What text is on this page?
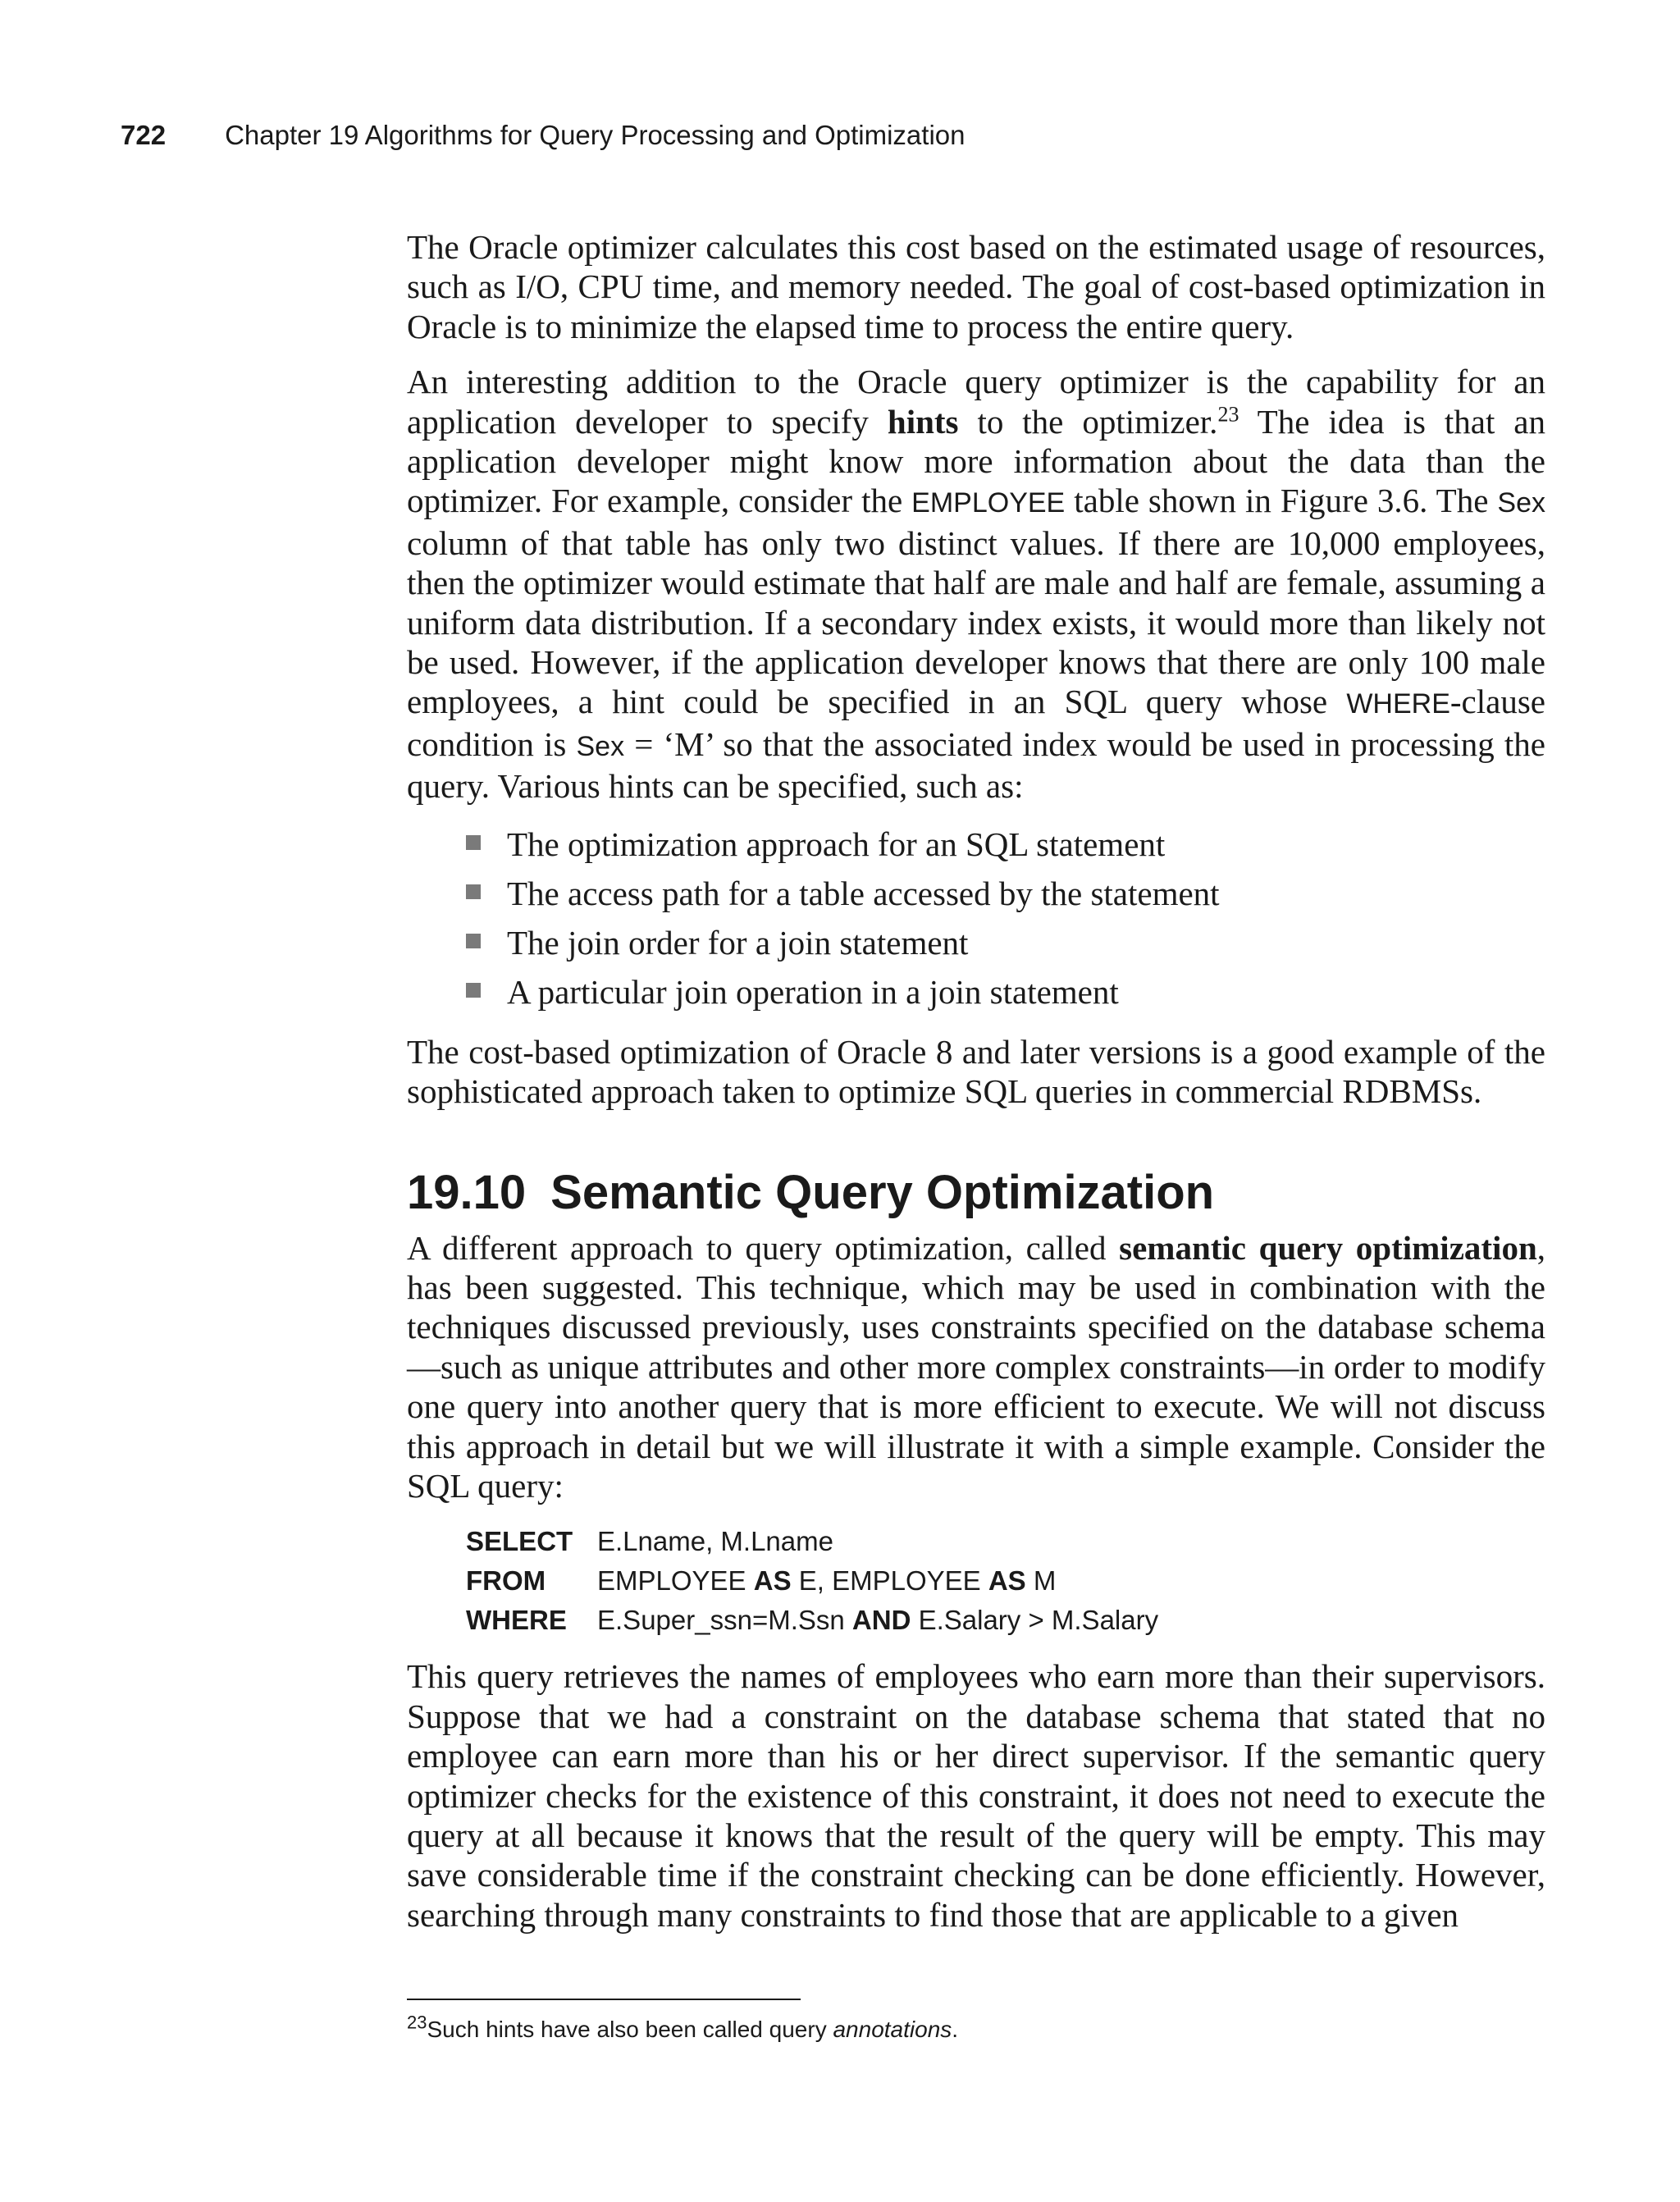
722 Chapter 19 Algorithms for Query Processing and Optimization

The Oracle optimizer calculates this cost based on the estimated usage of resources, such as I/O, CPU time, and memory needed. The goal of cost-based optimization in Oracle is to minimize the elapsed time to process the entire query.

An interesting addition to the Oracle query optimizer is the capability for an application developer to specify hints to the optimizer.$^{23}$ The idea is that an application developer might know more information about the data than the optimizer. For example, consider the EMPLOYEE table shown in Figure 3.6. The Sex column of that table has only two distinct values. If there are 10,000 employees, then the optimizer would estimate that half are male and half are female, assuming a uniform data distribution. If a secondary index exists, it would more than likely not be used. However, if the application developer knows that there are only 100 male employees, a hint could be specified in an SQL query whose WHERE-clause condition is Sex = ‘M’ so that the associated index would be used in processing the query. Various hints can be specified, such as:

The optimization approach for an SQL statement
The access path for a table accessed by the statement
The join order for a join statement
A particular join operation in a join statement

The cost-based optimization of Oracle 8 and later versions is a good example of the sophisticated approach taken to optimize SQL queries in commercial RDBMSs.

19.10 Semantic Query Optimization

A different approach to query optimization, called semantic query optimization, has been suggested. This technique, which may be used in combination with the techniques discussed previously, uses constraints specified on the database schema—such as unique attributes and other more complex constraints—in order to modify one query into another query that is more efficient to execute. We will not discuss this approach in detail but we will illustrate it with a simple example. Consider the SQL query:

SELECT	E.Lname, M.Lname
FROM	EMPLOYEE AS E, EMPLOYEE AS M
WHERE	E.Super_ssn=M.Ssn AND E.Salary > M.Salary

This query retrieves the names of employees who earn more than their supervisors. Suppose that we had a constraint on the database schema that stated that no employee can earn more than his or her direct supervisor. If the semantic query optimizer checks for the existence of this constraint, it does not need to execute the query at all because it knows that the result of the query will be empty. This may save considerable time if the constraint checking can be done efficiently. However, searching through many constraints to find those that are applicable to a given

$^{23}$Such hints have also been called query annotations.
